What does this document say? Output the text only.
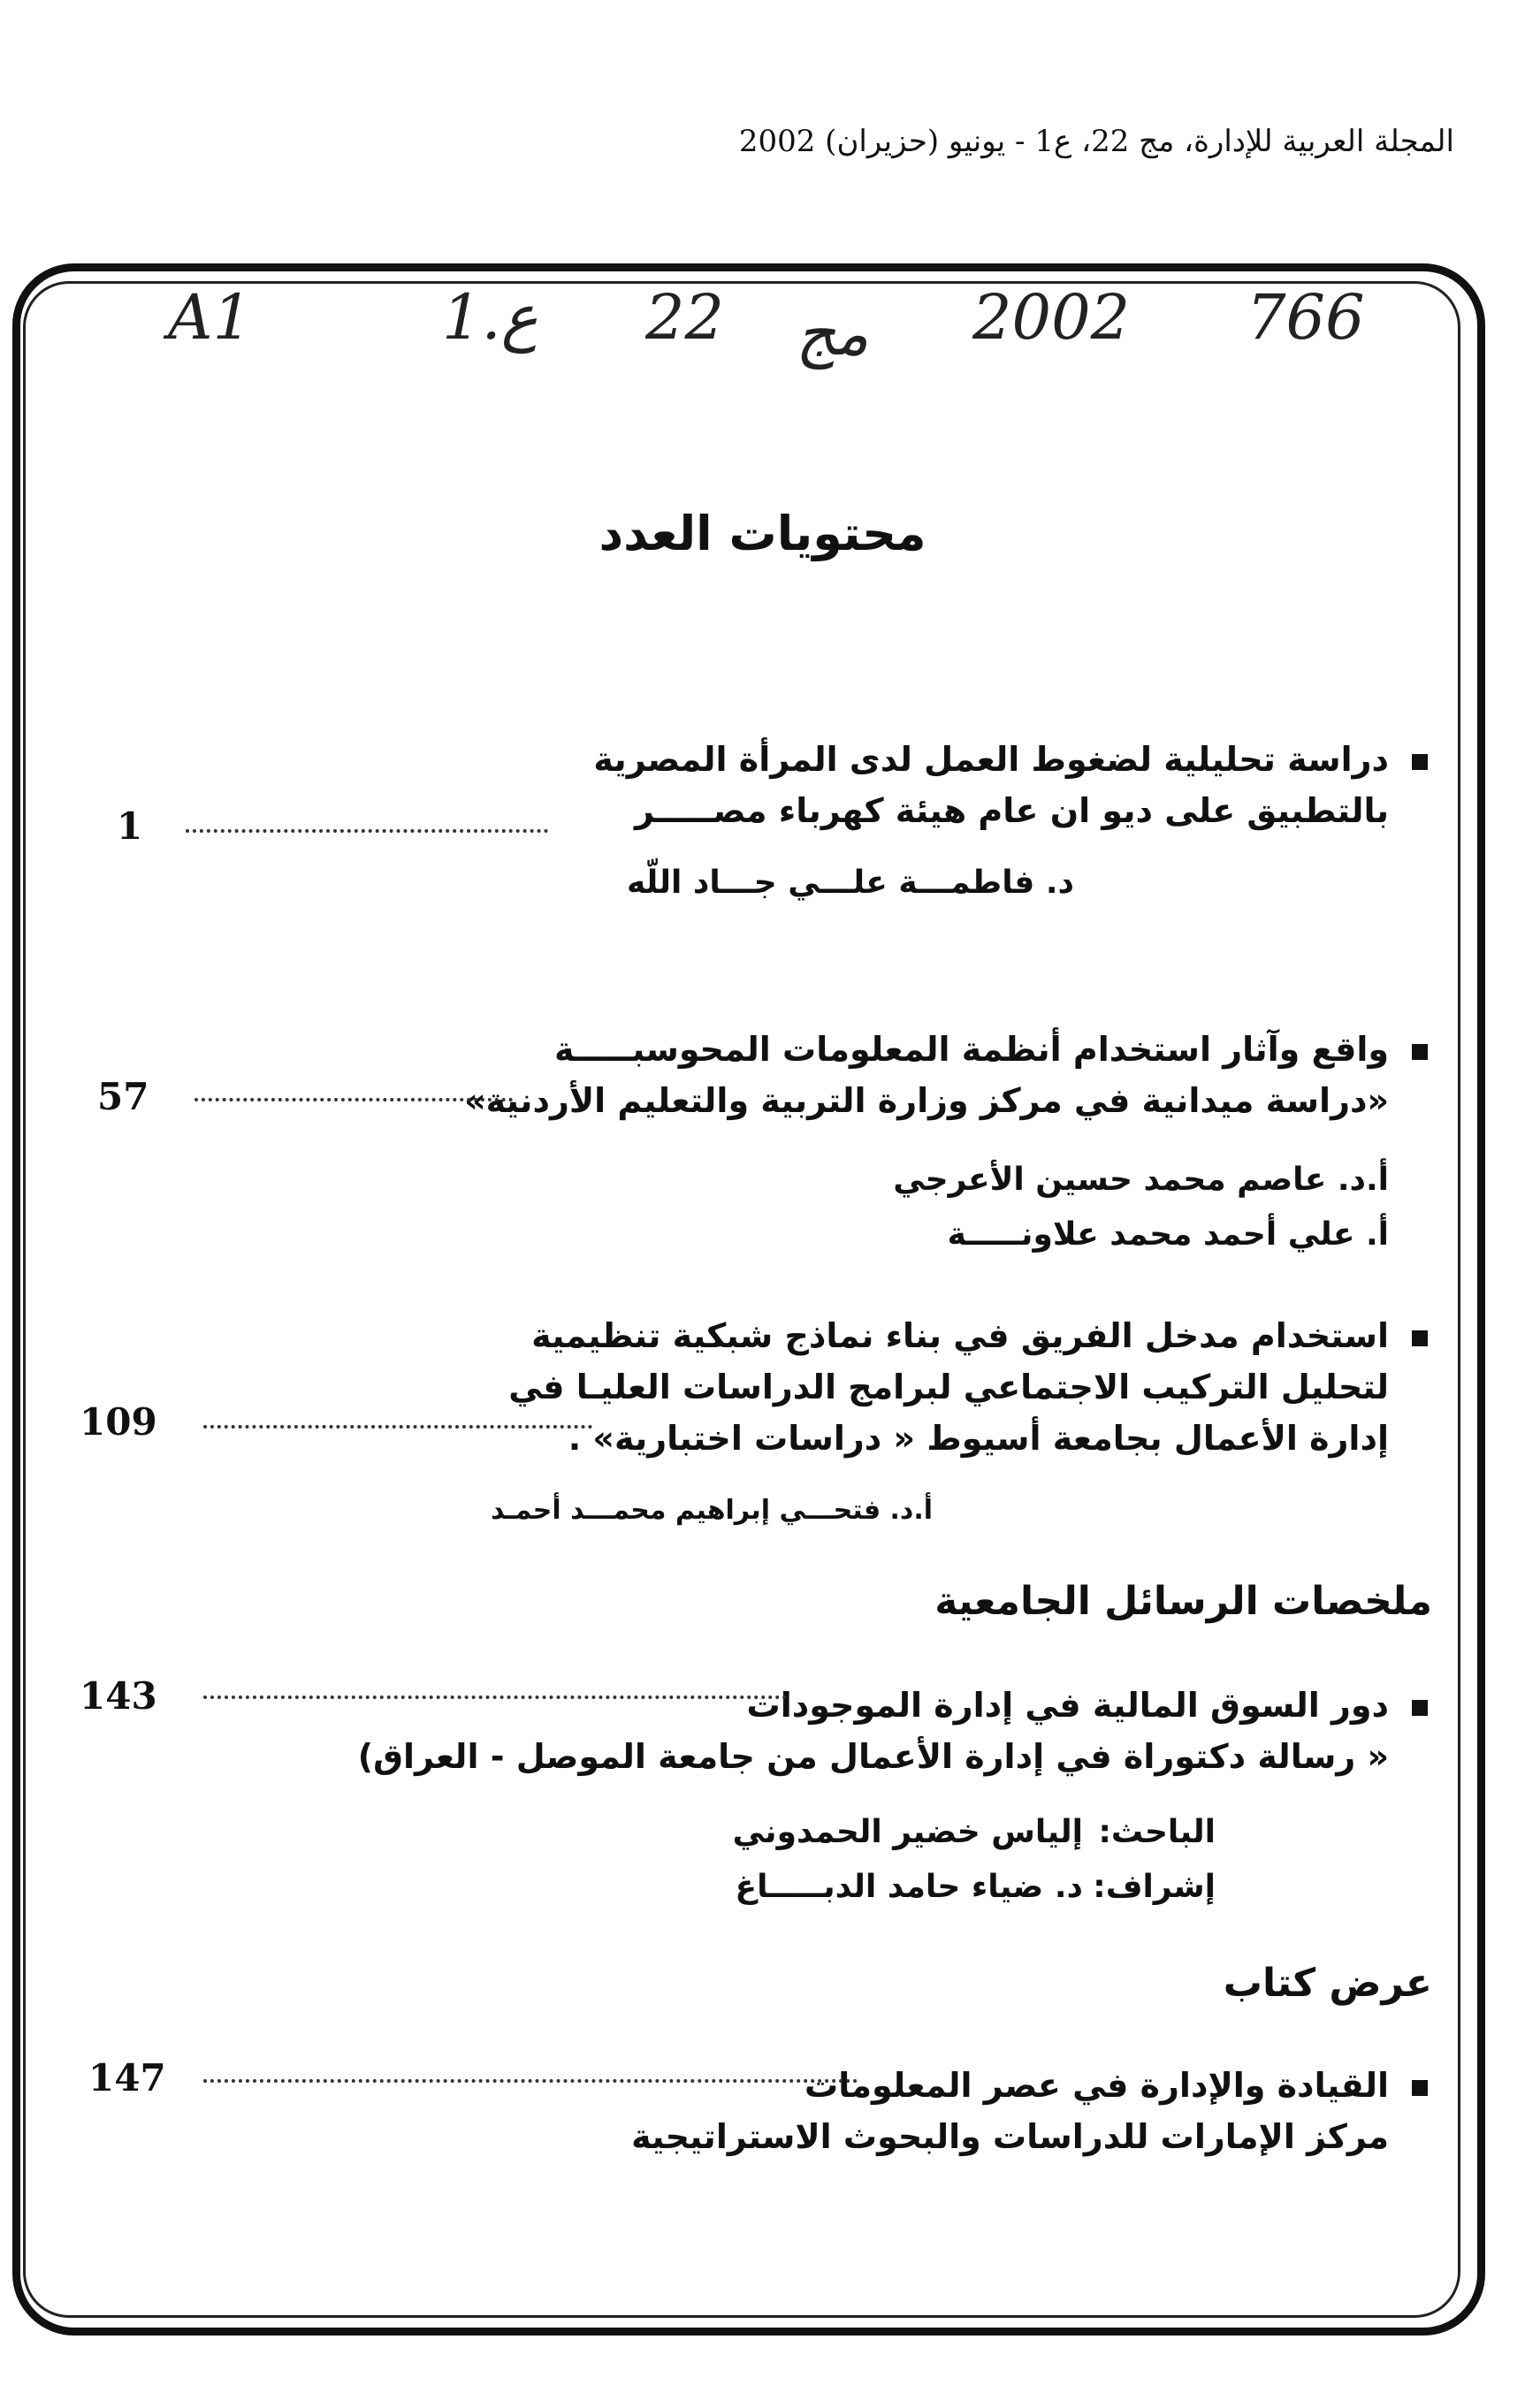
المجلة العربية للإدارة، مج 22، ع1 - يونيو (حزيران) 2002
A1	1.ع 22 مج 2002 766
محتويات العدد
دراسة تحليلية لضغوط العمل لدى المرأة المصرية
بالتطبيق على ديو ان عام هيئة كهرباء مصـــــر
د. فاطمـــة علـــي جـــاد اللّه
1
واقع وآثار استخدام أنظمة المعلومات المحوسبـــــة
«دراسة ميدانية في مركز وزارة التربية والتعليم الأردنية»
أ.د. عاصم محمد حسين الأعرجي
أ. علي أحمد محمد علاونـــــة
57
استخدام مدخل الفريق في بناء نماذج شبكية تنظيمية
لتحليل التركيب الاجتماعي لبرامج الدراسات العليـا في
إدارة الأعمال بجامعة أسيوط « دراسات اختبارية» .
أ.د. فتحـــي إبراهيم محمـــد أحمـد
109
ملخصات الرسائل الجامعية
دور السوق المالية في إدارة الموجودات
« رسالة دكتوراة في إدارة الأعمال من جامعة الموصل - العراق)
الباحث:إلياس خضير الحمدوني
إشراف:د. ضياء حامد الدبـــــاغ
143
عرض كتاب
القيادة والإدارة في عصر المعلومات
مركز الإمارات للدراسات والبحوث الاستراتيجية
147
